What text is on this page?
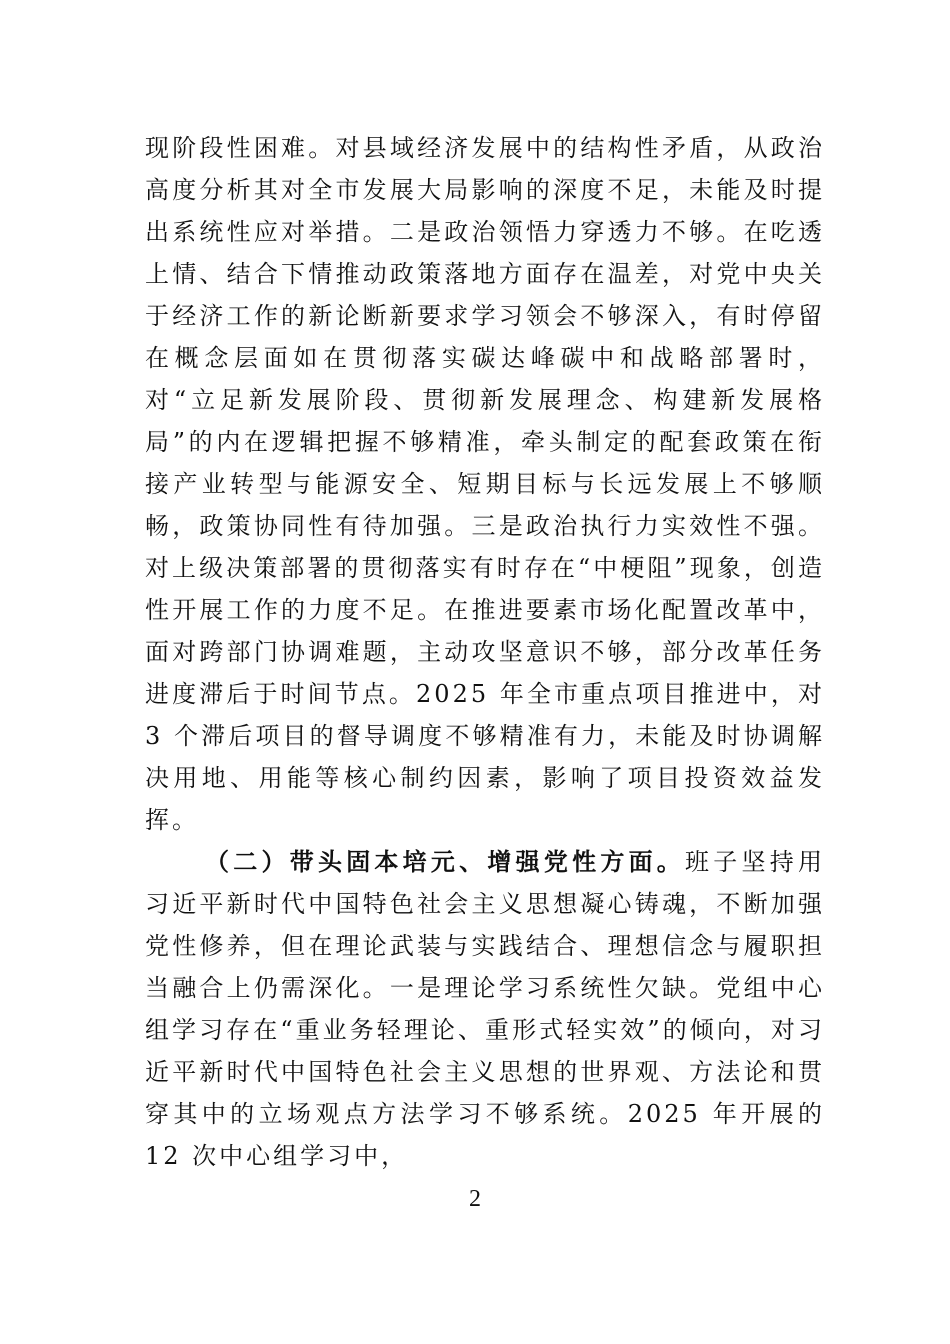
现阶段性困难。对县域经济发展中的结构性矛盾，从政治高度分析其对全市发展大局影响的深度不足，未能及时提出系统性应对举措。二是政治领悟力穿透力不够。在吃透上情、结合下情推动政策落地方面存在温差，对党中央关于经济工作的新论断新要求学习领会不够深入，有时停留在概念层面如在贯彻落实碳达峰碳中和战略部署时，对“立足新发展阶段、贯彻新发展理念、构建新发展格局”的内在逻辑把握不够精准，牵头制定的配套政策在衔接产业转型与能源安全、短期目标与长远发展上不够顺畅，政策协同性有待加强。三是政治执行力实效性不强。对上级决策部署的贯彻落实有时存在“中梗阻”现象，创造性开展工作的力度不足。在推进要素市场化配置改革中，面对跨部门协调难题，主动攻坚意识不够，部分改革任务进度滞后于时间节点。2025 年全市重点项目推进中，对 3 个滞后项目的督导调度不够精准有力，未能及时协调解决用地、用能等核心制约因素，影响了项目投资效益发挥。

（二）带头固本培元、增强党性方面。班子坚持用习近平新时代中国特色社会主义思想凝心铸魂，不断加强党性修养，但在理论武装与实践结合、理想信念与履职担当融合上仍需深化。一是理论学习系统性欠缺。党组中心组学习存在“重业务轻理论、重形式轻实效”的倾向，对习近平新时代中国特色社会主义思想的世界观、方法论和贯穿其中的立场观点方法学习不够系统。2025 年开展的 12 次中心组学习中，

2
